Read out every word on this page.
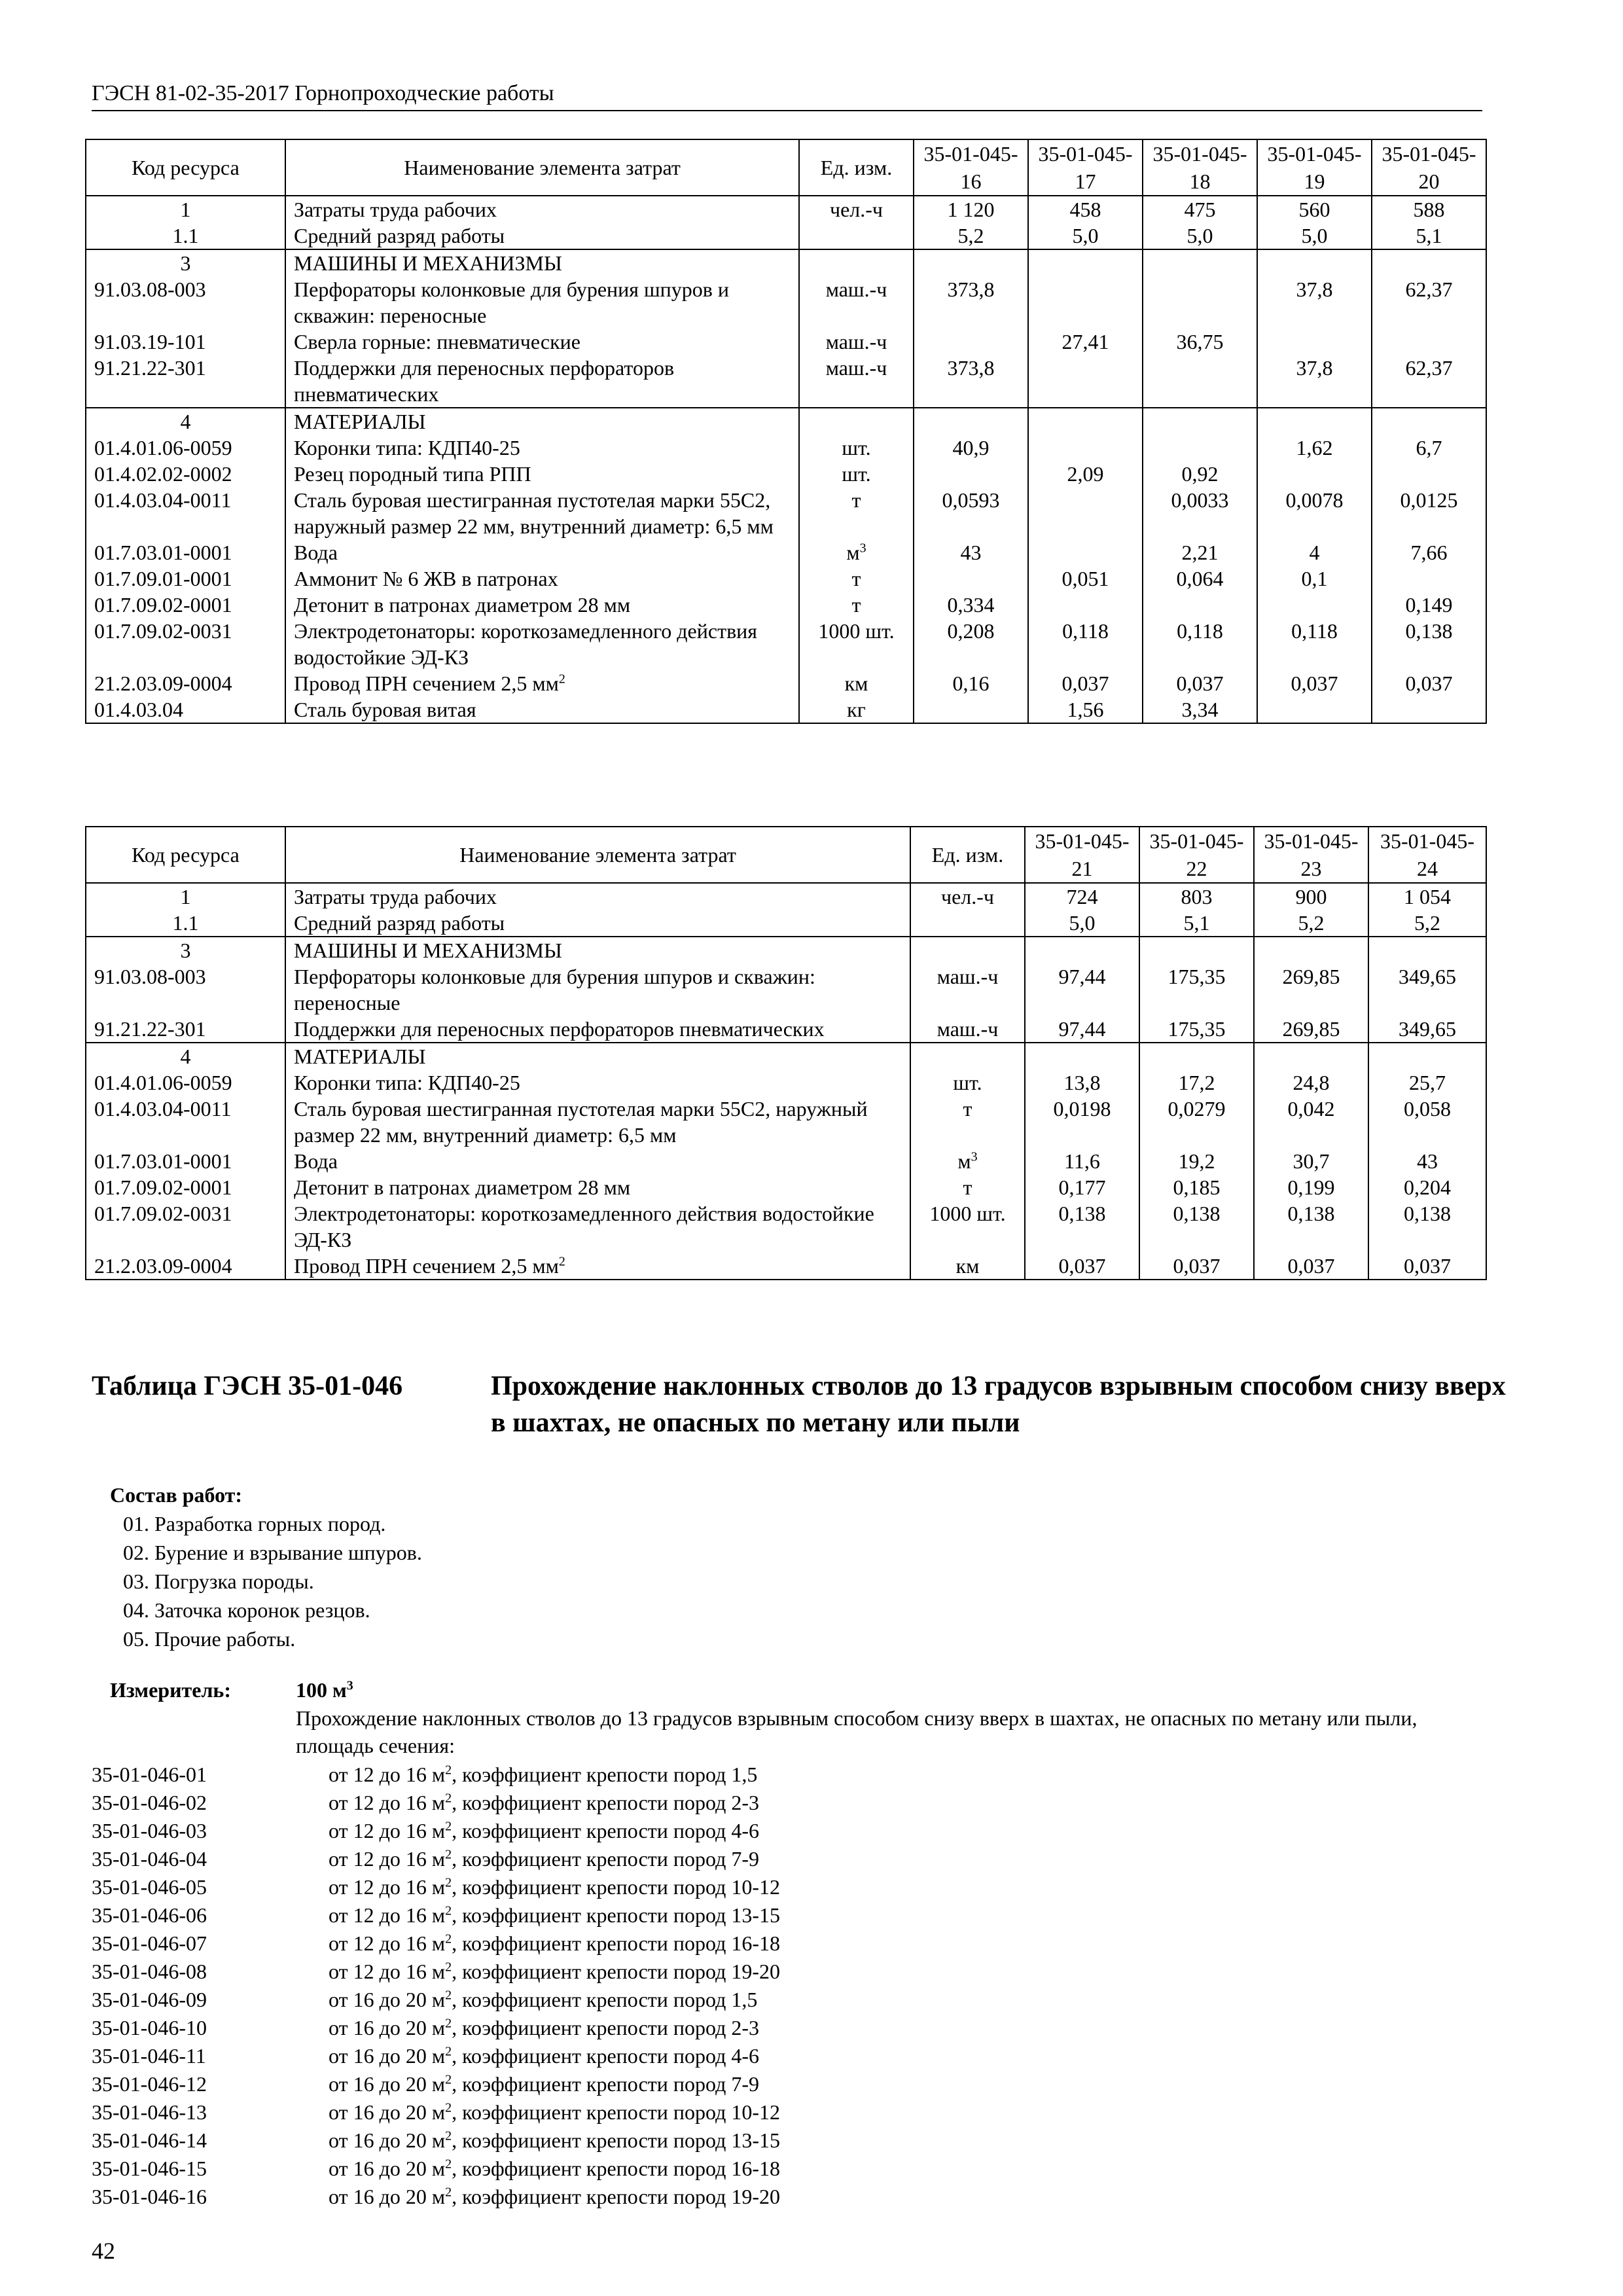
ГЭСН 81-02-35-2017 Горнопроходческие работы
Код ресурса	Наименование элемента затрат	Ед. изм.	35-01-045-16	35-01-045-17	35-01-045-18	35-01-045-19	35-01-045-20
1	Затраты труда рабочих	чел.-ч	1 120	458	475	560	588
1.1	Средний разряд работы		5,2	5,0	5,0	5,0	5,1
3	МАШИНЫ И МЕХАНИЗМЫ						
91.03.08-003	Перфораторы колонковые для бурения шпуров и скважин: переносные	маш.-ч	373,8			37,8	62,37
91.03.19-101	Сверла горные: пневматические	маш.-ч		27,41	36,75		
91.21.22-301	Поддержки для переносных перфораторов пневматических	маш.-ч	373,8			37,8	62,37
4	МАТЕРИАЛЫ						
01.4.01.06-0059	Коронки типа: КДП40-25	шт.	40,9			1,62	6,7
01.4.02.02-0002	Резец породный типа РПП	шт.		2,09	0,92		
01.4.03.04-0011	Сталь буровая шестигранная пустотелая марки 55С2, наружный размер 22 мм, внутренний диаметр: 6,5 мм	т	0,0593		0,0033	0,0078	0,0125
01.7.03.01-0001	Вода	$м^3$	43		2,21	4	7,66
01.7.09.01-0001	Аммонит № 6 ЖВ в патронах	т		0,051	0,064	0,1	
01.7.09.02-0001	Детонит в патронах диаметром 28 мм	т	0,334				0,149
01.7.09.02-0031	Электродетонаторы: короткозамедленного действия водостойкие ЭД-КЗ	1000 шт.	0,208	0,118	0,118	0,118	0,138
21.2.03.09-0004	Провод ПРН сечением 2,5 $мм^2$	км	0,16	0,037	0,037	0,037	0,037
01.4.03.04	Сталь буровая витая	кг		1,56	3,34		
Код ресурса	Наименование элемента затрат	Ед. изм.	35-01-045-21	35-01-045-22	35-01-045-23	35-01-045-24
1	Затраты труда рабочих	чел.-ч	724	803	900	1 054
1.1	Средний разряд работы		5,0	5,1	5,2	5,2
3	МАШИНЫ И МЕХАНИЗМЫ					
91.03.08-003	Перфораторы колонковые для бурения шпуров и скважин: переносные	маш.-ч	97,44	175,35	269,85	349,65
91.21.22-301	Поддержки для переносных перфораторов пневматических	маш.-ч	97,44	175,35	269,85	349,65
4	МАТЕРИАЛЫ					
01.4.01.06-0059	Коронки типа: КДП40-25	шт.	13,8	17,2	24,8	25,7
01.4.03.04-0011	Сталь буровая шестигранная пустотелая марки 55С2, наружный размер 22 мм, внутренний диаметр: 6,5 мм	т	0,0198	0,0279	0,042	0,058
01.7.03.01-0001	Вода	$м^3$	11,6	19,2	30,7	43
01.7.09.02-0001	Детонит в патронах диаметром 28 мм	т	0,177	0,185	0,199	0,204
01.7.09.02-0031	Электродетонаторы: короткозамедленного действия водостойкие ЭД-КЗ	1000 шт.	0,138	0,138	0,138	0,138
21.2.03.09-0004	Провод ПРН сечением 2,5 $мм^2$	км	0,037	0,037	0,037	0,037
Таблица ГЭСН 35-01-046	Прохождение наклонных стволов до 13 градусов взрывным способом снизу вверх в шахтах, не опасных по метану или пыли
Состав работ:
01. Разработка горных пород.
02. Бурение и взрывание шпуров.
03. Погрузка породы.
04. Заточка коронок резцов.
05. Прочие работы.
Измеритель:	100 $м^3$
Прохождение наклонных стволов до 13 градусов взрывным способом снизу вверх в шахтах, не опасных по метану или пыли, площадь сечения:
35-01-046-01	от 12 до 16 $м^2$, коэффициент крепости пород 1,5
35-01-046-02	от 12 до 16 $м^2$, коэффициент крепости пород 2-3
35-01-046-03	от 12 до 16 $м^2$, коэффициент крепости пород 4-6
35-01-046-04	от 12 до 16 $м^2$, коэффициент крепости пород 7-9
35-01-046-05	от 12 до 16 $м^2$, коэффициент крепости пород 10-12
35-01-046-06	от 12 до 16 $м^2$, коэффициент крепости пород 13-15
35-01-046-07	от 12 до 16 $м^2$, коэффициент крепости пород 16-18
35-01-046-08	от 12 до 16 $м^2$, коэффициент крепости пород 19-20
35-01-046-09	от 16 до 20 $м^2$, коэффициент крепости пород 1,5
35-01-046-10	от 16 до 20 $м^2$, коэффициент крепости пород 2-3
35-01-046-11	от 16 до 20 $м^2$, коэффициент крепости пород 4-6
35-01-046-12	от 16 до 20 $м^2$, коэффициент крепости пород 7-9
35-01-046-13	от 16 до 20 $м^2$, коэффициент крепости пород 10-12
35-01-046-14	от 16 до 20 $м^2$, коэффициент крепости пород 13-15
35-01-046-15	от 16 до 20 $м^2$, коэффициент крепости пород 16-18
35-01-046-16	от 16 до 20 $м^2$, коэффициент крепости пород 19-20
42
